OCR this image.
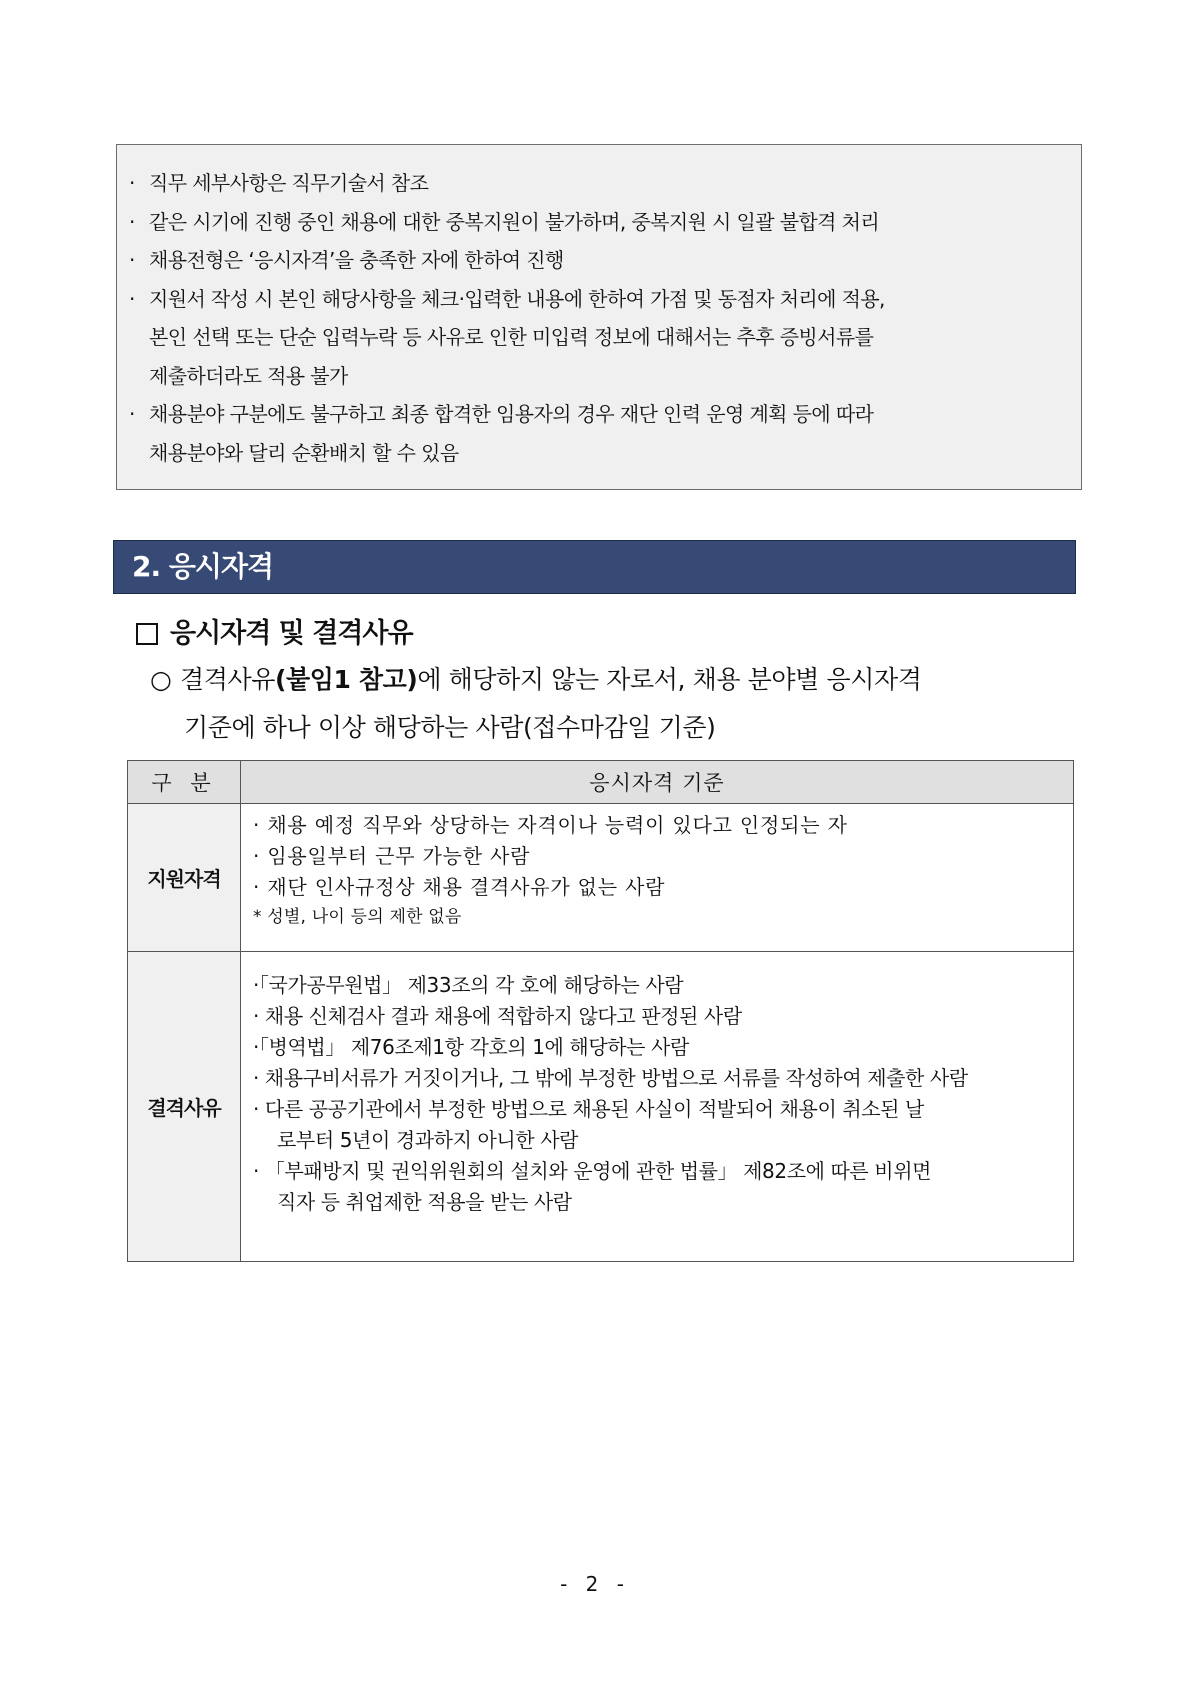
· 직무 세부사항은 직무기술서 참조
· 같은 시기에 진행 중인 채용에 대한 중복지원이 불가하며, 중복지원 시 일괄 불합격 처리
· 채용전형은 ‘응시자격’을 충족한 자에 한하여 진행
· 지원서 작성 시 본인 해당사항을 체크·입력한 내용에 한하여 가점 및 동점자 처리에 적용,
본인 선택 또는 단순 입력누락 등 사유로 인한 미입력 정보에 대해서는 추후 증빙서류를
제출하더라도 적용 불가
· 채용분야 구분에도 불구하고 최종 합격한 임용자의 경우 재단 인력 운영 계획 등에 따라
채용분야와 달리 순환배치 할 수 있음
2. 응시자격
응시자격 및 결격사유
○ 결격사유(붙임1 참고)에 해당하지 않는 자로서, 채용 분야별 응시자격
기준에 하나 이상 해당하는 사람(접수마감일 기준)
구 분	응시자격 기준
지원자격	· 채용 예정 직무와 상당하는 자격이나 능력이 있다고 인정되는 자
· 임용일부터 근무 가능한 사람
· 재단 인사규정상 채용 결격사유가 없는 사람
* 성별, 나이 등의 제한 없음

결격사유	
·「국가공무원법」 제33조의 각 호에 해당하는 사람
· 채용 신체검사 결과 채용에 적합하지 않다고 판정된 사람
·「병역법」 제76조제1항 각호의 1에 해당하는 사람
· 채용구비서류가 거짓이거나, 그 밖에 부정한 방법으로 서류를 작성하여 제출한 사람
· 다른 공공기관에서 부정한 방법으로 채용된 사실이 적발되어 채용이 취소된 날
로부터 5년이 경과하지 아니한 사람
· 「부패방지 및 권익위원회의 설치와 운영에 관한 법률」 제82조에 따른 비위면
직자 등 취업제한 적용을 받는 사람
- 2 -
